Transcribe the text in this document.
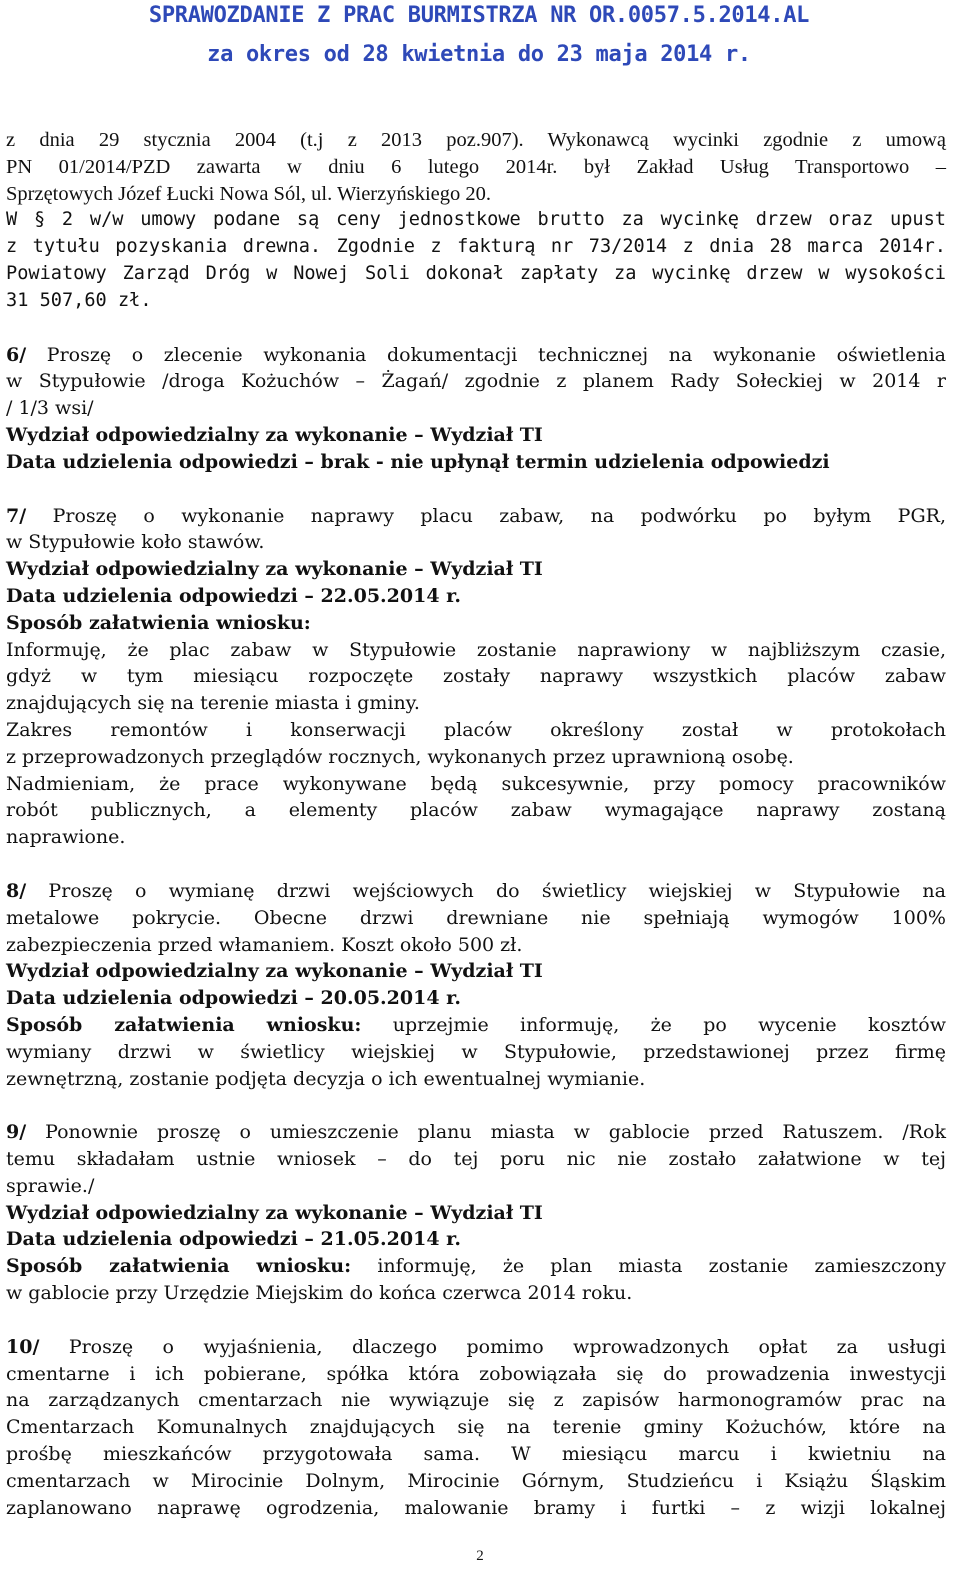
SPRAWOZDANIE Z PRAC BURMISTRZA NR OR.0057.5.2014.AL
za okres od 28 kwietnia do 23 maja 2014 r.
z dnia 29 stycznia 2004 (t.j z 2013 poz.907). Wykonawcą wycinki zgodnie z umową
PN 01/2014/PZD zawarta w dniu 6 lutego 2014r. był Zakład Usług Transportowo –
Sprzętowych Józef Łucki Nowa Sól, ul. Wierzyńskiego 20.
W § 2 w/w umowy podane są ceny jednostkowe brutto za wycinkę drzew oraz upust
z tytułu pozyskania drewna. Zgodnie z fakturą nr 73/2014 z dnia 28 marca 2014r.
Powiatowy Zarząd Dróg w Nowej Soli dokonał zapłaty za wycinkę drzew w wysokości
31 507,60 zł.
6/ Proszę o zlecenie wykonania dokumentacji technicznej na wykonanie oświetlenia
w Stypułowie /droga Kożuchów – Żagań/ zgodnie z planem Rady Sołeckiej w 2014 r
/ 1/3 wsi/
Wydział odpowiedzialny za wykonanie – Wydział TI
Data udzielenia odpowiedzi – brak - nie upłynął termin udzielenia odpowiedzi
7/ Proszę o wykonanie naprawy placu zabaw, na podwórku po byłym PGR,
w Stypułowie koło stawów.
Wydział odpowiedzialny za wykonanie – Wydział TI
Data udzielenia odpowiedzi – 22.05.2014 r.
Sposób załatwienia wniosku:
Informuję, że plac zabaw w Stypułowie zostanie naprawiony w najbliższym czasie,
gdyż w tym miesiącu rozpoczęte zostały naprawy wszystkich placów zabaw
znajdujących się na terenie miasta i gminy.
Zakres remontów i konserwacji placów określony został w protokołach
z przeprowadzonych przeglądów rocznych, wykonanych przez uprawnioną osobę.
Nadmieniam, że prace wykonywane będą sukcesywnie, przy pomocy pracowników
robót publicznych, a elementy placów zabaw wymagające naprawy zostaną
naprawione.
8/ Proszę o wymianę drzwi wejściowych do świetlicy wiejskiej w Stypułowie na
metalowe pokrycie. Obecne drzwi drewniane nie spełniają wymogów 100%
zabezpieczenia przed włamaniem. Koszt około 500 zł.
Wydział odpowiedzialny za wykonanie – Wydział TI
Data udzielenia odpowiedzi – 20.05.2014 r.
Sposób załatwienia wniosku: uprzejmie informuję, że po wycenie kosztów
wymiany drzwi w świetlicy wiejskiej w Stypułowie, przedstawionej przez firmę
zewnętrzną, zostanie podjęta decyzja o ich ewentualnej wymianie.
9/ Ponownie proszę o umieszczenie planu miasta w gablocie przed Ratuszem. /Rok
temu składałam ustnie wniosek – do tej poru nic nie zostało załatwione w tej
sprawie./
Wydział odpowiedzialny za wykonanie – Wydział TI
Data udzielenia odpowiedzi – 21.05.2014 r.
Sposób załatwienia wniosku: informuję, że plan miasta zostanie zamieszczony
w gablocie przy Urzędzie Miejskim do końca czerwca 2014 roku.
10/ Proszę o wyjaśnienia, dlaczego pomimo wprowadzonych opłat za usługi
cmentarne i ich pobierane, spółka która zobowiązała się do prowadzenia inwestycji
na zarządzanych cmentarzach nie wywiązuje się z zapisów harmonogramów prac na
Cmentarzach Komunalnych znajdujących się na terenie gminy Kożuchów, które na
prośbę mieszkańców przygotowała sama. W miesiącu marcu i kwietniu na
cmentarzach w Mirocinie Dolnym, Mirocinie Górnym, Studzieńcu i Książu Śląskim
zaplanowano naprawę ogrodzenia, malowanie bramy i furtki – z wizji lokalnej
2
